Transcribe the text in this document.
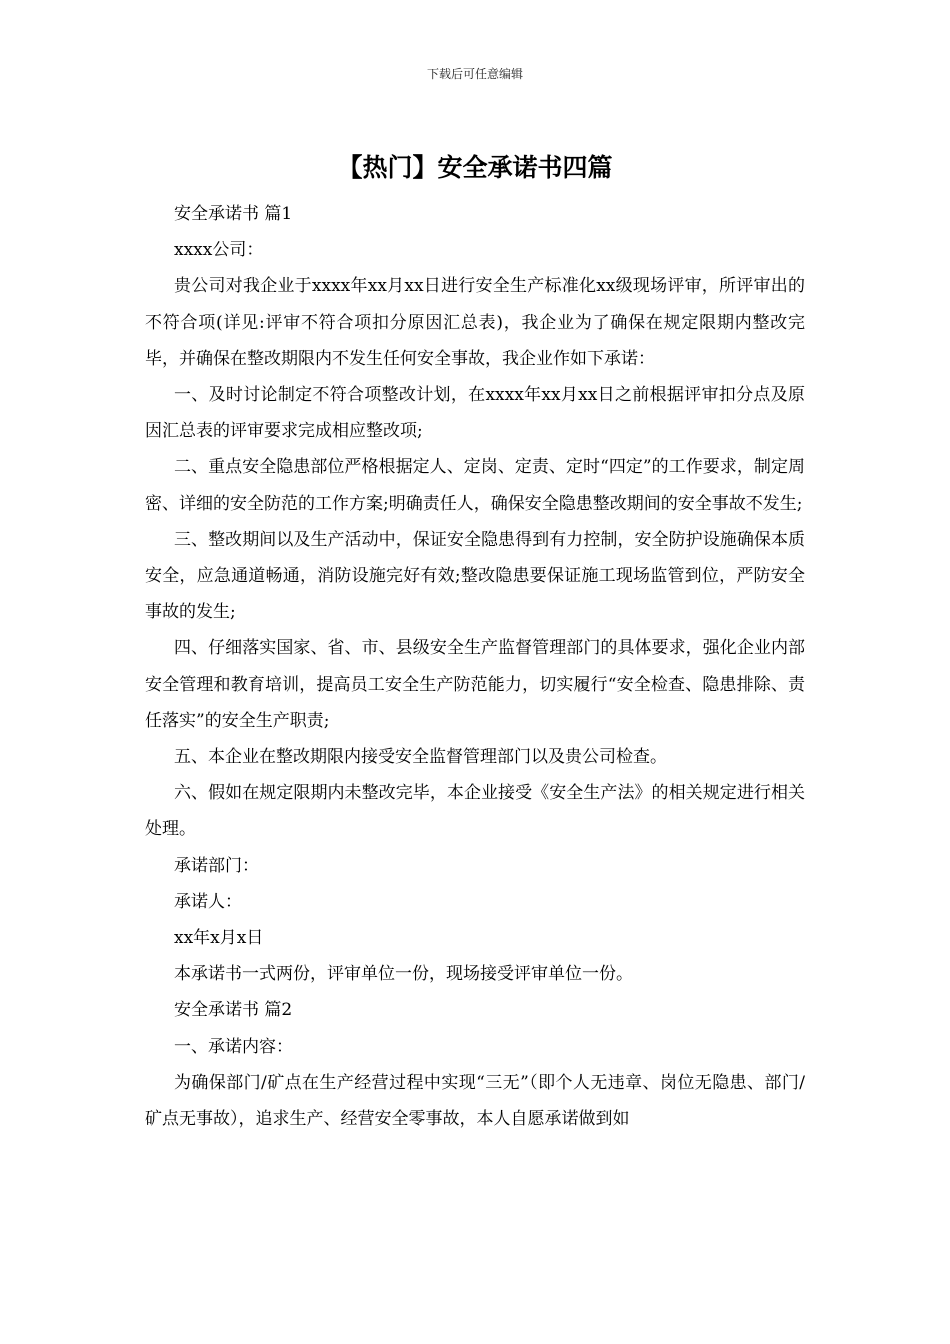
下载后可任意编辑
【热门】安全承诺书四篇

安全承诺书 篇1

xxxx公司：

贵公司对我企业于xxxx年xx月xx日进行安全生产标准化xx级现场评审，所评审出的不符合项(详见:评审不符合项扣分原因汇总表)，我企业为了确保在规定限期内整改完毕，并确保在整改期限内不发生任何安全事故，我企业作如下承诺：

一、及时讨论制定不符合项整改计划，在xxxx年xx月xx日之前根据评审扣分点及原因汇总表的评审要求完成相应整改项;

二、重点安全隐患部位严格根据定人、定岗、定责、定时“四定”的工作要求，制定周密、详细的安全防范的工作方案;明确责任人，确保安全隐患整改期间的安全事故不发生;

三、整改期间以及生产活动中，保证安全隐患得到有力控制，安全防护设施确保本质安全，应急通道畅通，消防设施完好有效;整改隐患要保证施工现场监管到位，严防安全事故的发生;

四、仔细落实国家、省、市、县级安全生产监督管理部门的具体要求，强化企业内部安全管理和教育培训，提高员工安全生产防范能力，切实履行“安全检查、隐患排除、责任落实”的安全生产职责;

五、本企业在整改期限内接受安全监督管理部门以及贵公司检查。

六、假如在规定限期内未整改完毕，本企业接受《安全生产法》的相关规定进行相关处理。

承诺部门：

承诺人：

xx年x月x日

本承诺书一式两份，评审单位一份，现场接受评审单位一份。

安全承诺书 篇2

一、承诺内容：

为确保部门/矿点在生产经营过程中实现“三无”（即个人无违章、岗位无隐患、部门/矿点无事故），追求生产、经营安全零事故，本人自愿承诺做到如
